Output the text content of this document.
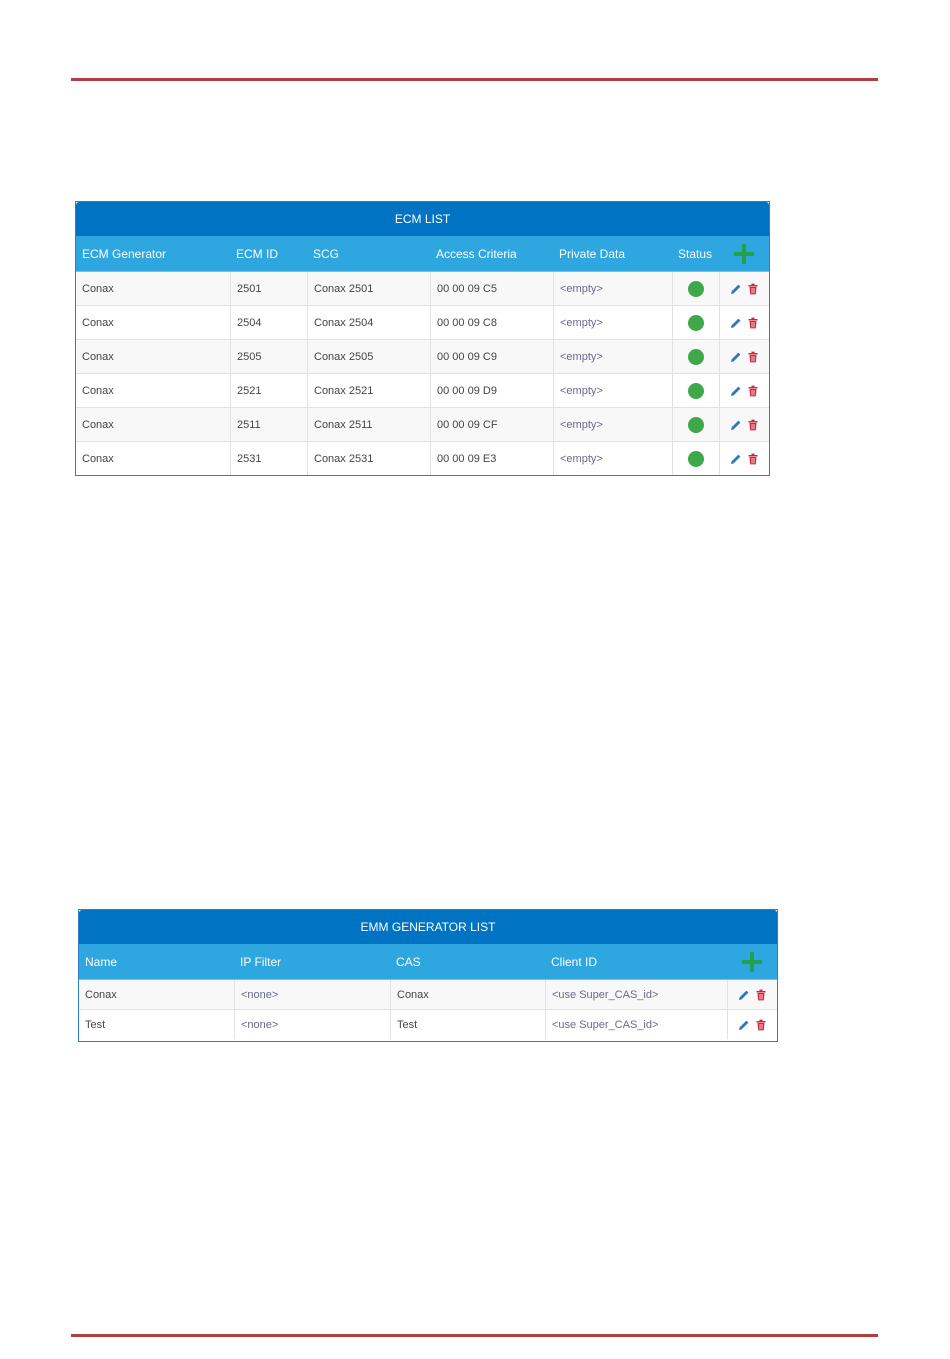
ECM LIST
ECM Generator	ECM ID	SCG	Access Criteria	Private Data	Status
Conax	2501	Conax 2501	00 00 09 C5	<empty>
Conax	2504	Conax 2504	00 00 09 C8	<empty>
Conax	2505	Conax 2505	00 00 09 C9	<empty>
Conax	2521	Conax 2521	00 00 09 D9	<empty>
Conax	2511	Conax 2511	00 00 09 CF	<empty>
Conax	2531	Conax 2531	00 00 09 E3	<empty>
EMM GENERATOR LIST
Name	IP Filter	CAS	Client ID
Conax	<none>	Conax	<use Super_CAS_id>
Test	<none>	Test	<use Super_CAS_id>
